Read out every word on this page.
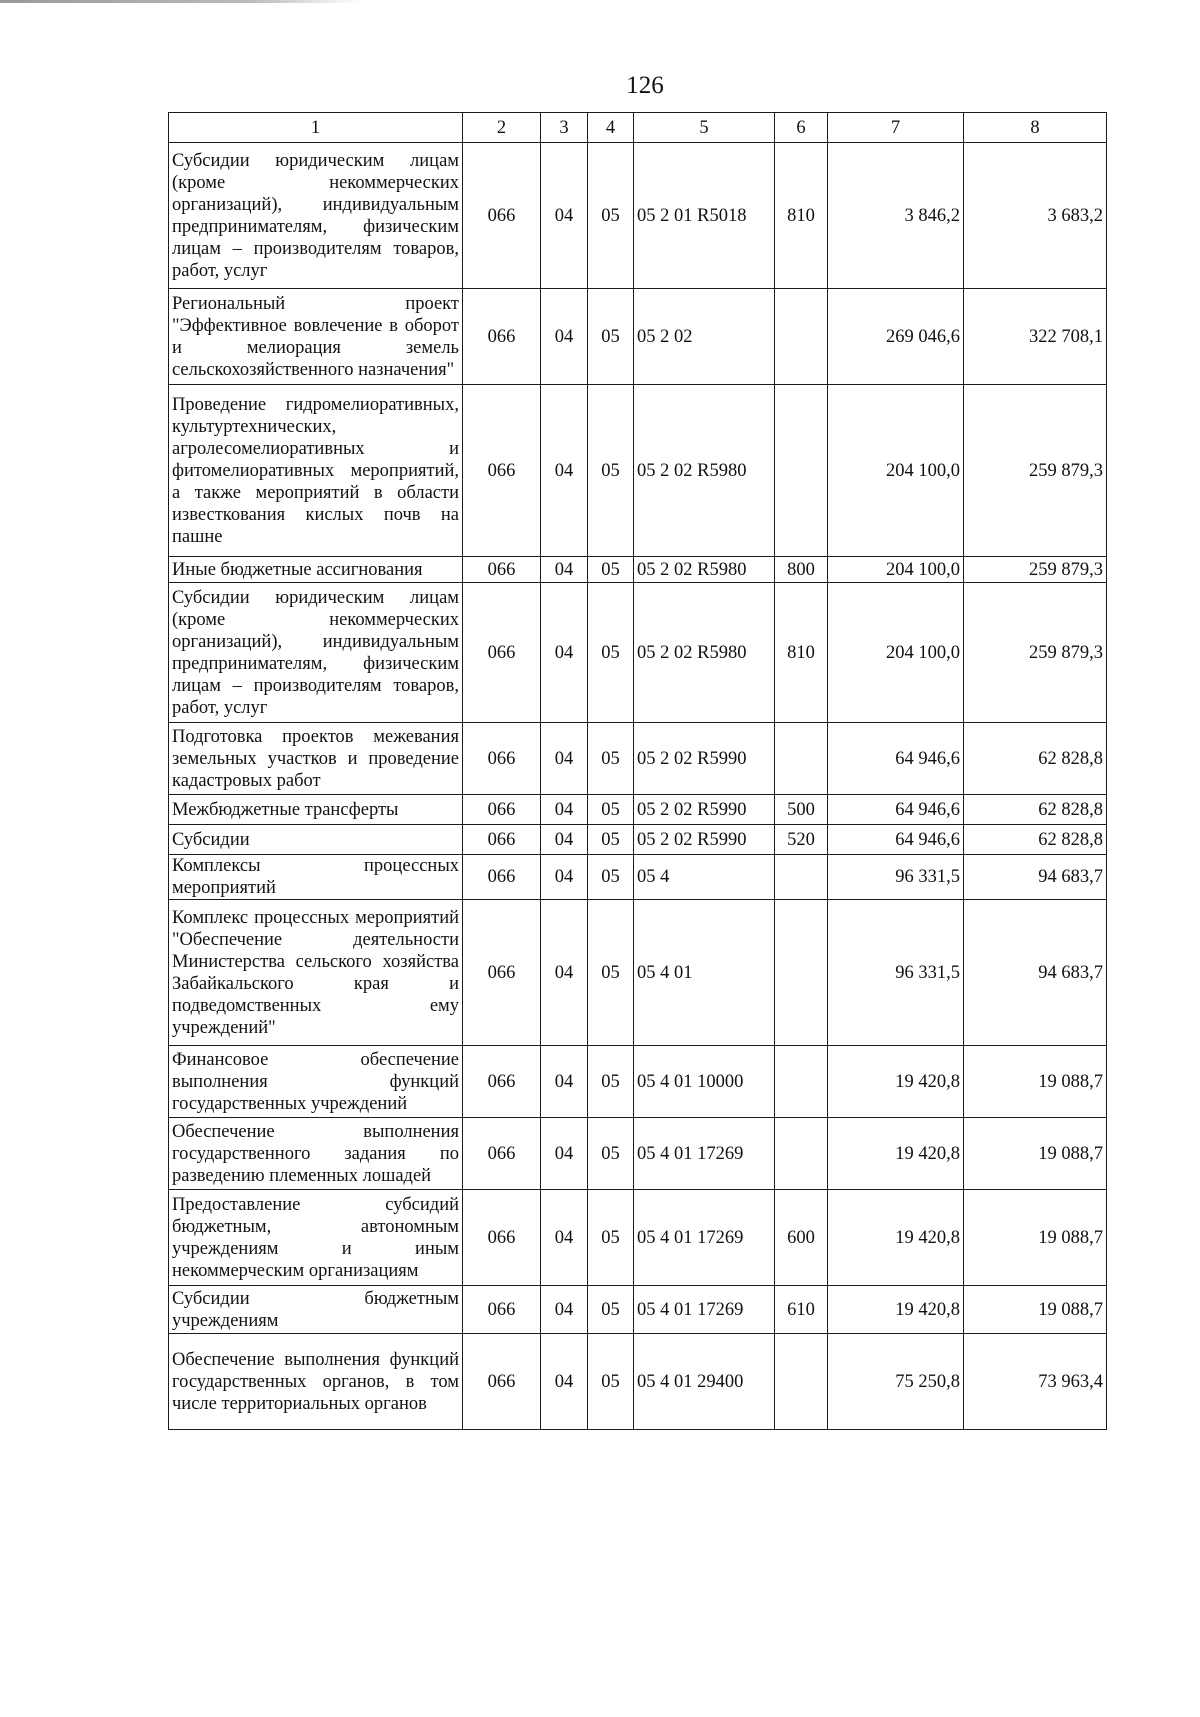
126
1	2	3	4	5	6	7	8
Субсидии юридическим лицам (кроме некоммерческих организаций), индивидуальным предпринимателям, физическим лицам – производителям товаров, работ, услуг	066	04	05	05 2 01 R5018	810	3 846,2	3 683,2
Региональный проект "Эффективное вовлечение в оборот и мелиорация земель сельскохозяйственного назначения"	066	04	05	05 2 02		269 046,6	322 708,1
Проведение гидромелиоративных, культуртехнических, агролесомелиоративных и фитомелиоративных мероприятий, а также мероприятий в области известкования кислых почв на пашне	066	04	05	05 2 02 R5980		204 100,0	259 879,3
Иные бюджетные ассигнования	066	04	05	05 2 02 R5980	800	204 100,0	259 879,3
Субсидии юридическим лицам (кроме некоммерческих организаций), индивидуальным предпринимателям, физическим лицам – производителям товаров, работ, услуг	066	04	05	05 2 02 R5980	810	204 100,0	259 879,3
Подготовка проектов межевания земельных участков и проведение кадастровых работ	066	04	05	05 2 02 R5990		64 946,6	62 828,8
Межбюджетные трансферты	066	04	05	05 2 02 R5990	500	64 946,6	62 828,8
Субсидии	066	04	05	05 2 02 R5990	520	64 946,6	62 828,8
Комплексы процессных мероприятий	066	04	05	05 4		96 331,5	94 683,7
Комплекс процессных мероприятий "Обеспечение деятельности Министерства сельского хозяйства Забайкальского края и подведомственных ему учреждений"	066	04	05	05 4 01		96 331,5	94 683,7
Финансовое обеспечение выполнения функций государственных учреждений	066	04	05	05 4 01 10000		19 420,8	19 088,7
Обеспечение выполнения государственного задания по разведению племенных лошадей	066	04	05	05 4 01 17269		19 420,8	19 088,7
Предоставление субсидий бюджетным, автономным учреждениям и иным некоммерческим организациям	066	04	05	05 4 01 17269	600	19 420,8	19 088,7
Субсидии бюджетным учреждениям	066	04	05	05 4 01 17269	610	19 420,8	19 088,7
Обеспечение выполнения функций государственных органов, в том числе территориальных органов	066	04	05	05 4 01 29400		75 250,8	73 963,4
